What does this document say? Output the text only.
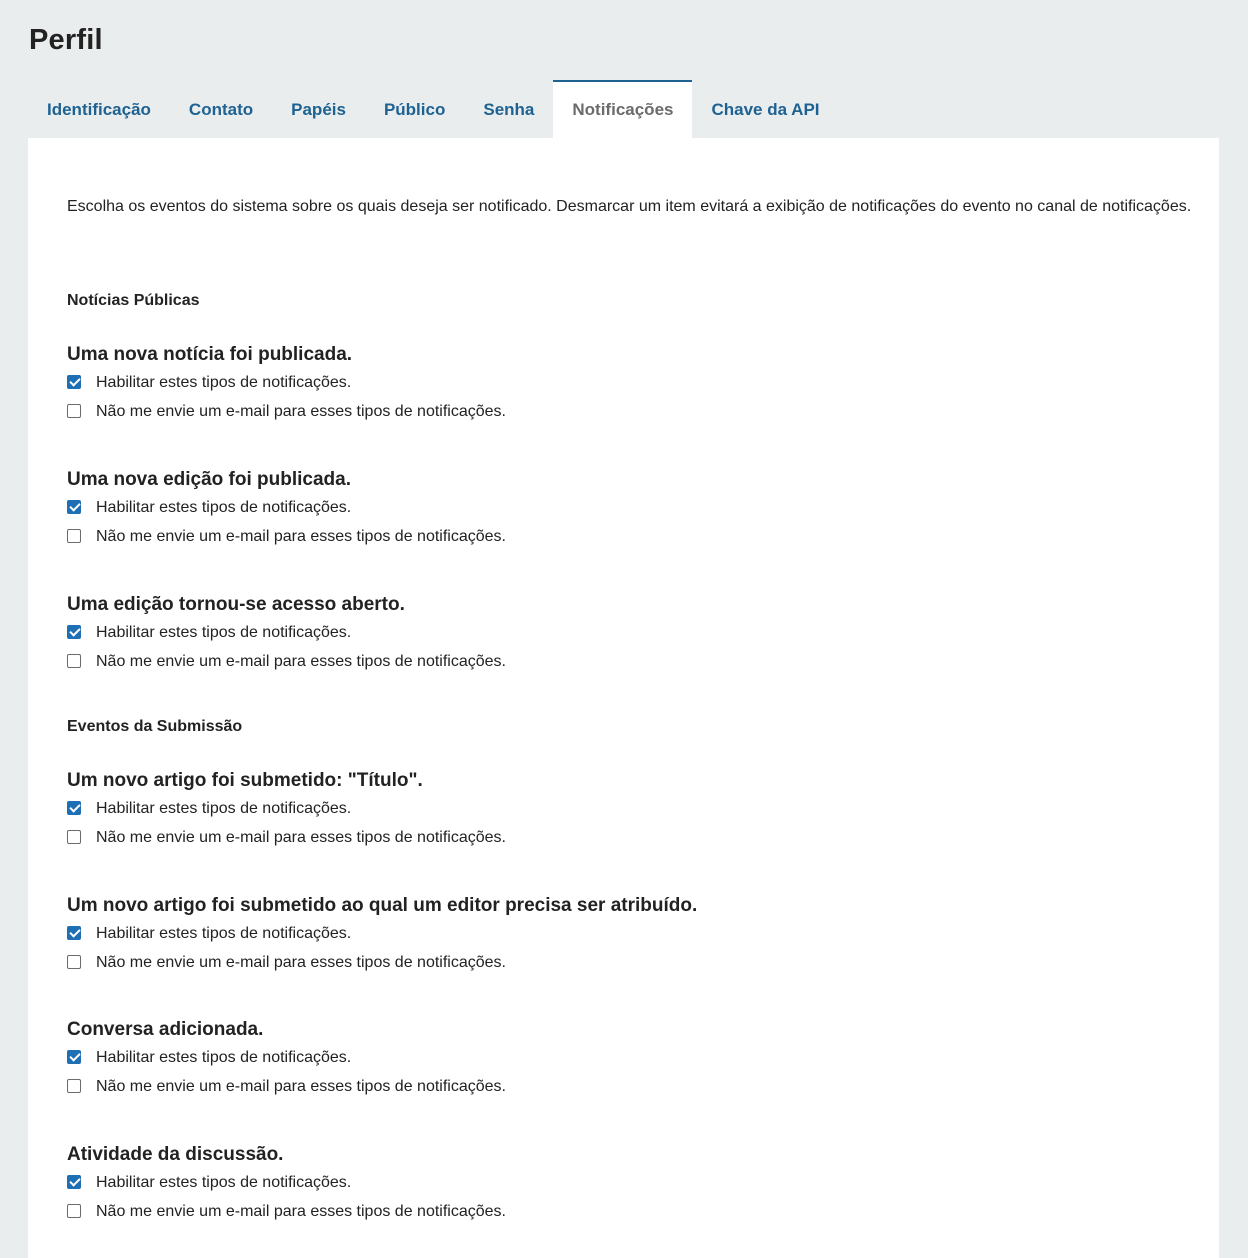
Perfil
Identificação	Contato	Papéis	Público	Senha	Notificações	Chave da API

Escolha os eventos do sistema sobre os quais deseja ser notificado. Desmarcar um item evitará a exibição de notificações do evento no canal de notificações.

Notícias Públicas
Uma nova notícia foi publicada.
Habilitar estes tipos de notificações.
Não me envie um e-mail para esses tipos de notificações.
Uma nova edição foi publicada.
Habilitar estes tipos de notificações.
Não me envie um e-mail para esses tipos de notificações.
Uma edição tornou-se acesso aberto.
Habilitar estes tipos de notificações.
Não me envie um e-mail para esses tipos de notificações.
Eventos da Submissão
Um novo artigo foi submetido: "Título".
Habilitar estes tipos de notificações.
Não me envie um e-mail para esses tipos de notificações.
Um novo artigo foi submetido ao qual um editor precisa ser atribuído.
Habilitar estes tipos de notificações.
Não me envie um e-mail para esses tipos de notificações.
Conversa adicionada.
Habilitar estes tipos de notificações.
Não me envie um e-mail para esses tipos de notificações.
Atividade da discussão.
Habilitar estes tipos de notificações.
Não me envie um e-mail para esses tipos de notificações.
